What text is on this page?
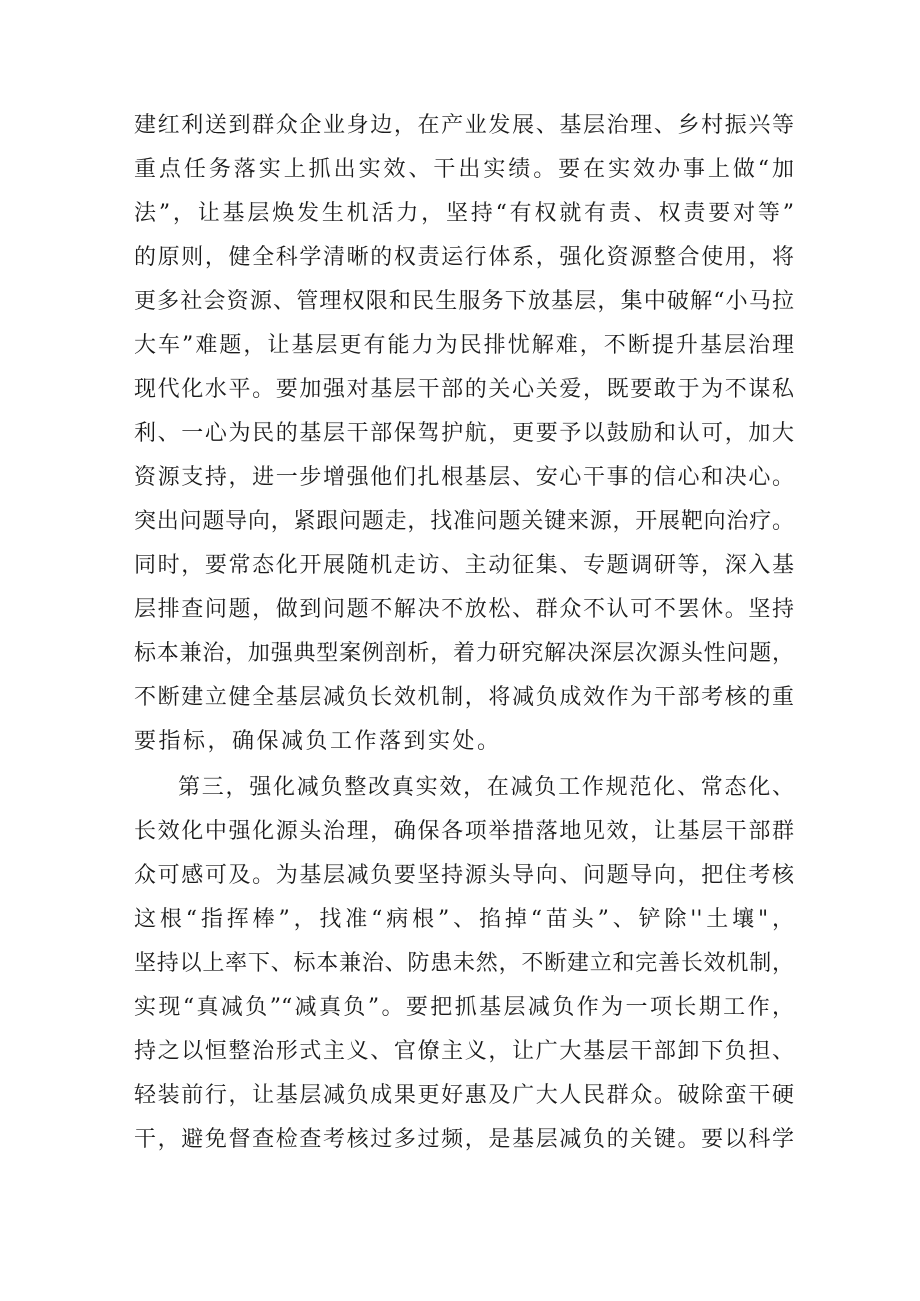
建红利送到群众企业身边，在产业发展、基层治理、乡村振兴等
重点任务落实上抓出实效、干出实绩。要在实效办事上做“加
法”，让基层焕发生机活力，坚持“有权就有责、权责要对等”
的原则，健全科学清晰的权责运行体系，强化资源整合使用，将
更多社会资源、管理权限和民生服务下放基层，集中破解“小马拉
大车”难题，让基层更有能力为民排忧解难，不断提升基层治理
现代化水平。要加强对基层干部的关心关爱，既要敢于为不谋私
利、一心为民的基层干部保驾护航，更要予以鼓励和认可，加大
资源支持，进一步增强他们扎根基层、安心干事的信心和决心。
突出问题导向，紧跟问题走，找准问题关键来源，开展靶向治疗。
同时，要常态化开展随机走访、主动征集、专题调研等，深入基
层排查问题，做到问题不解决不放松、群众不认可不罢休。坚持
标本兼治，加强典型案例剖析，着力研究解决深层次源头性问题，
不断建立健全基层减负长效机制，将减负成效作为干部考核的重
要指标，确保减负工作落到实处。
第三，强化减负整改真实效，在减负工作规范化、常态化、
长效化中强化源头治理，确保各项举措落地见效，让基层干部群
众可感可及。为基层减负要坚持源头导向、问题导向，把住考核
这根“指挥棒”，找准“病根”、掐掉“苗头”、铲除''土壤"，
坚持以上率下、标本兼治、防患未然，不断建立和完善长效机制，
实现“真减负”“减真负”。要把抓基层减负作为一项长期工作，
持之以恒整治形式主义、官僚主义，让广大基层干部卸下负担、
轻装前行，让基层减负成果更好惠及广大人民群众。破除蛮干硬
干，避免督查检查考核过多过频，是基层减负的关键。要以科学
